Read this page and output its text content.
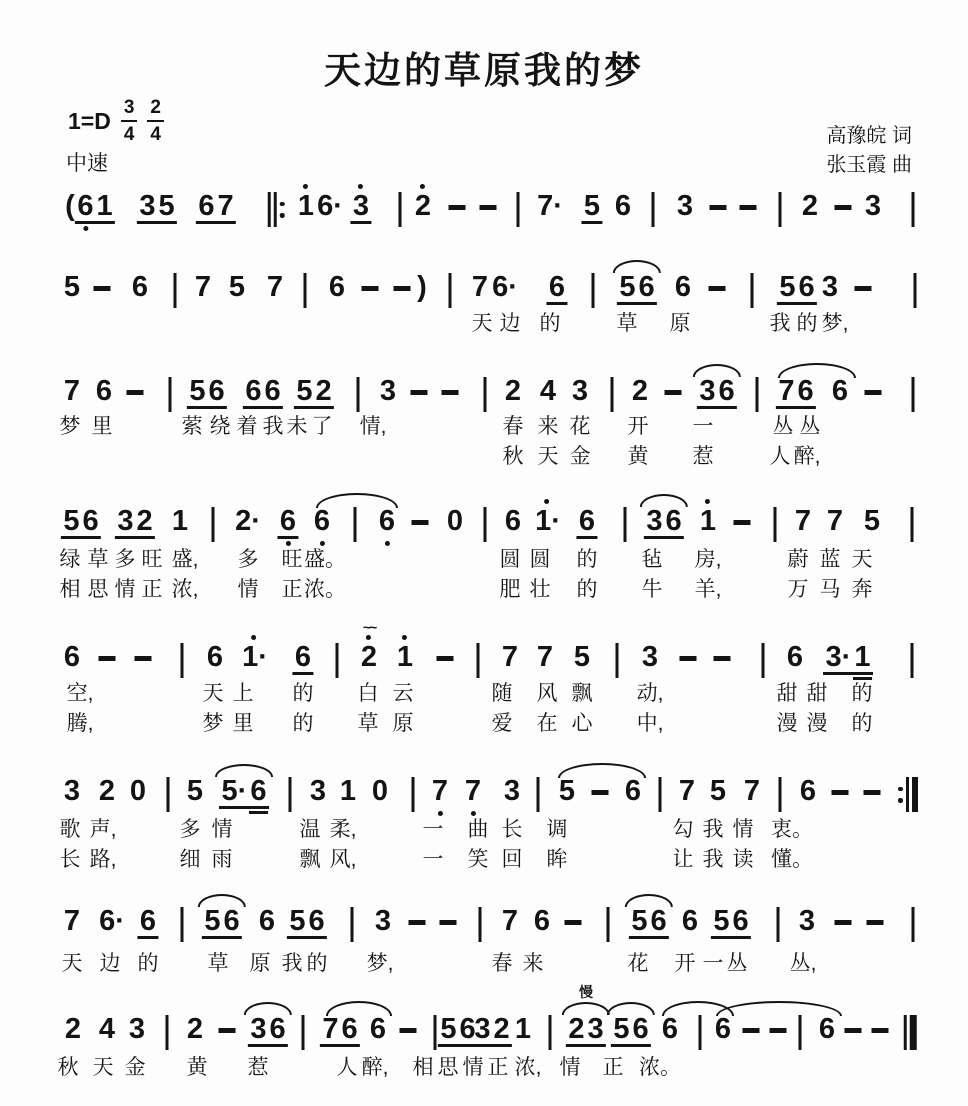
天边的草原我的梦
$1=D \frac{3}{4} \frac{2}{4}$
中速
高豫皖 词
张玉霞 曲
( 6 1 3 5 6 7 1 6· 3 2	7· 5 6 3	2 3
5 6 7 5 7 6 ) 7 6· 6 5 6 6	5 6 3
天 边 的	草 原	我 的 梦,
7 6	5 6 6 6 5 2 3	2 4 3 2 3 6 7 6 6
梦 里	萦 绕 着 我 未 了 情,	春 来 花 开 一	丛 丛
秋 天 金 黄 惹	人 醉,
5 6 3 2 1 2· 6 6 6 0 6 1· 6 3 6 1	7 7 5
绿 草 多 旺 盛, 多 旺 盛。	圆 圆 的 毡 房,	蔚 蓝 天
相 思 情 正 浓, 情 正 浓。	肥 壮 的 牛 羊,	万 马 奔
6	6 1· 6
~~
2 1	7 7 5 3	6 3· 1
空,	天 上 的 白 云	随 风 飘 动,	甜 甜 的
腾,	梦 里 的 草 原	爱 在 心 中,	漫 漫 的
3 2 0 5 5· 6 3 1 0 7 7 3 5 6 7 5 7 6
歌 声,	多 情	温 柔,	一 曲 长 调	勾 我 情 衷。
长 路,	细 雨	飘 风,	一 笑 回 眸	让 我 读 懂。
7 6· 6 5 6 6 5 6 3	7 6	5 6 6 5 6 3
天 边 的 草 原 我 的 梦,	春 来	花 开 一 丛 丛,
2 4 3 2 3 6 7 6 6 5 6
3 2 1
慢
2 3 5 6 6 6	6
秋 天 金 黄 惹	人 醉, 相 思 情 正 浓, 情 正 浓。
